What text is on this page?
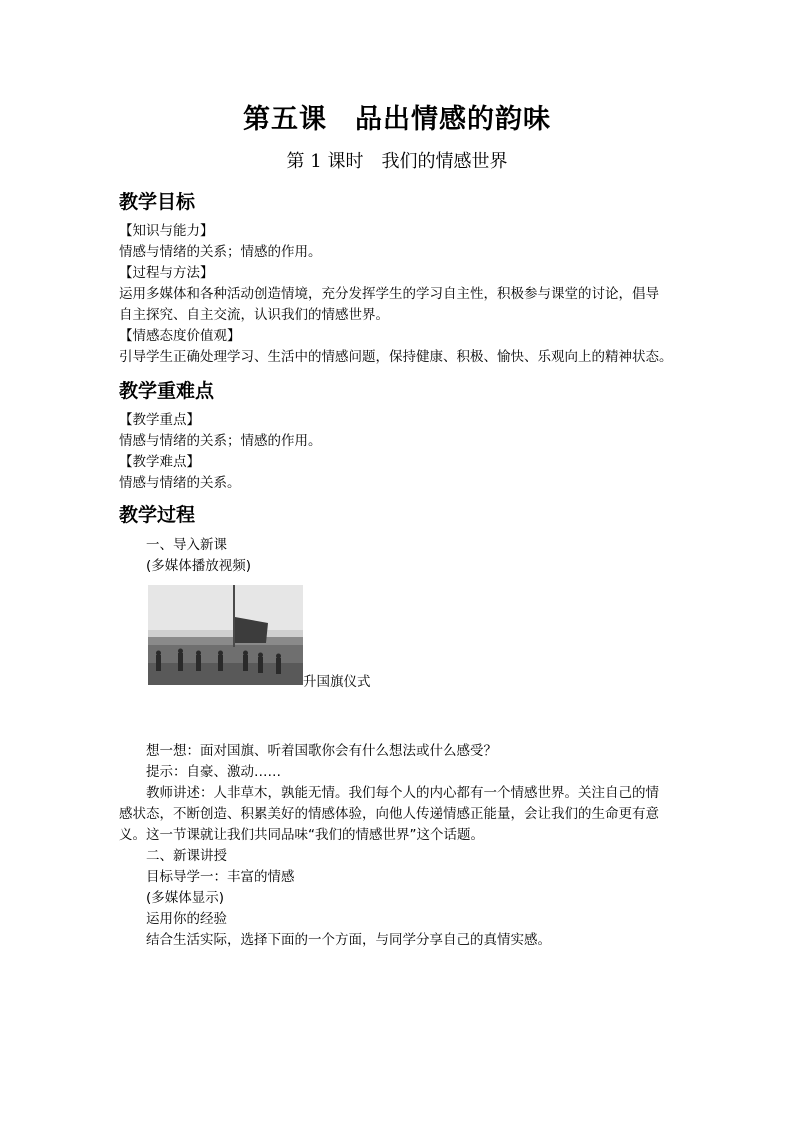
第五课　品出情感的韵味
第 1 课时　我们的情感世界
教学目标
【知识与能力】
情感与情绪的关系；情感的作用。
【过程与方法】
运用多媒体和各种活动创造情境，充分发挥学生的学习自主性，积极参与课堂的讨论，倡导
自主探究、自主交流，认识我们的情感世界。
【情感态度价值观】
引导学生正确处理学习、生活中的情感问题，保持健康、积极、愉快、乐观向上的精神状态。
教学重难点
【教学重点】
情感与情绪的关系；情感的作用。
【教学难点】
情感与情绪的关系。
教学过程
一、导入新课
(多媒体播放视频)
升国旗仪式
想一想：面对国旗、听着国歌你会有什么想法或什么感受？
提示：自豪、激动……
教师讲述：人非草木，孰能无情。我们每个人的内心都有一个情感世界。关注自己的情
感状态，不断创造、积累美好的情感体验，向他人传递情感正能量，会让我们的生命更有意
义。这一节课就让我们共同品味“我们的情感世界”这个话题。
二、新课讲授
目标导学一：丰富的情感
(多媒体显示)
运用你的经验
结合生活实际，选择下面的一个方面，与同学分享自己的真情实感。
